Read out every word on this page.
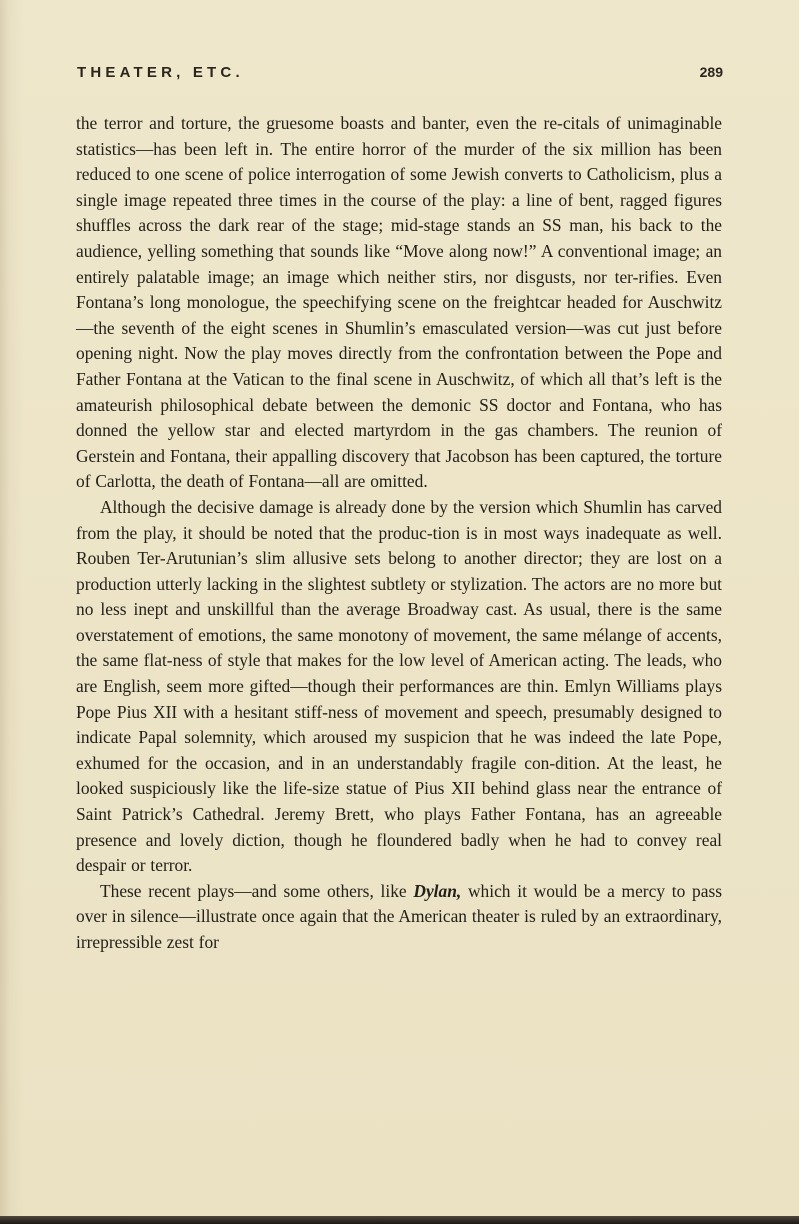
THEATER, ETC.	289

the terror and torture, the gruesome boasts and banter, even the re-citals of unimaginable statistics—has been left in. The entire horror of the murder of the six million has been reduced to one scene of police interrogation of some Jewish converts to Catholicism, plus a single image repeated three times in the course of the play: a line of bent, ragged figures shuffles across the dark rear of the stage; mid-stage stands an SS man, his back to the audience, yelling something that sounds like “Move along now!” A conventional image; an entirely palatable image; an image which neither stirs, nor disgusts, nor ter-rifies. Even Fontana’s long monologue, the speechifying scene on the freightcar headed for Auschwitz—the seventh of the eight scenes in Shumlin’s emasculated version—was cut just before opening night. Now the play moves directly from the confrontation between the Pope and Father Fontana at the Vatican to the final scene in Auschwitz, of which all that’s left is the amateurish philosophical debate between the demonic SS doctor and Fontana, who has donned the yellow star and elected martyrdom in the gas chambers. The reunion of Gerstein and Fontana, their appalling discovery that Jacobson has been captured, the torture of Carlotta, the death of Fontana—all are omitted.

Although the decisive damage is already done by the version which Shumlin has carved from the play, it should be noted that the produc-tion is in most ways inadequate as well. Rouben Ter-Arutunian’s slim allusive sets belong to another director; they are lost on a production utterly lacking in the slightest subtlety or stylization. The actors are no more but no less inept and unskillful than the average Broadway cast. As usual, there is the same overstatement of emotions, the same monotony of movement, the same mélange of accents, the same flat-ness of style that makes for the low level of American acting. The leads, who are English, seem more gifted—though their performances are thin. Emlyn Williams plays Pope Pius XII with a hesitant stiff-ness of movement and speech, presumably designed to indicate Papal solemnity, which aroused my suspicion that he was indeed the late Pope, exhumed for the occasion, and in an understandably fragile con-dition. At the least, he looked suspiciously like the life-size statue of Pius XII behind glass near the entrance of Saint Patrick’s Cathedral. Jeremy Brett, who plays Father Fontana, has an agreeable presence and lovely diction, though he floundered badly when he had to convey real despair or terror.

These recent plays—and some others, like Dylan, which it would be a mercy to pass over in silence—illustrate once again that the American theater is ruled by an extraordinary, irrepressible zest for
